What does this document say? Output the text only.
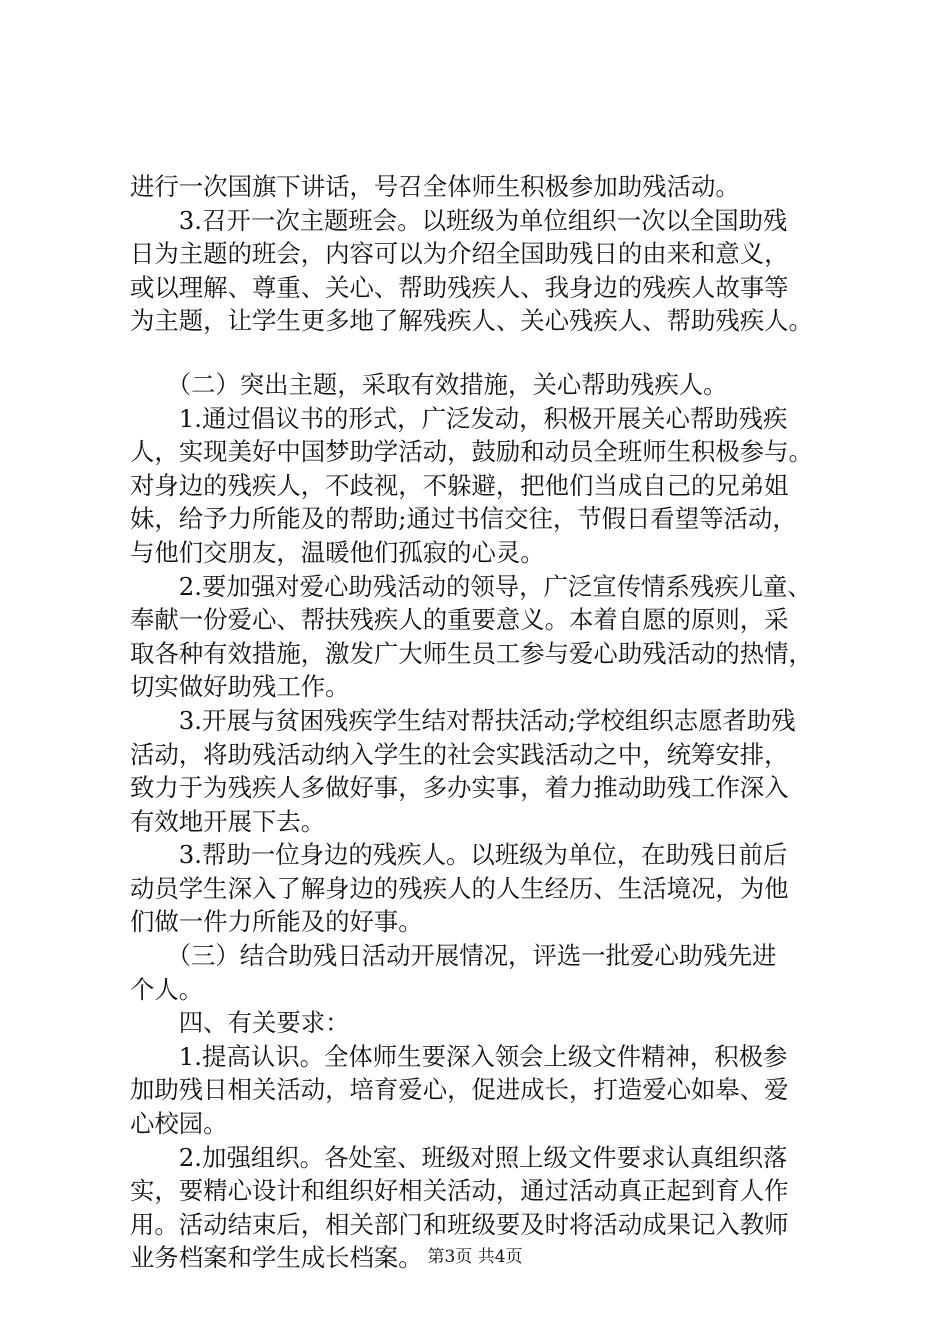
进行一次国旗下讲话，号召全体师生积极参加助残活动。

　　3.召开一次主题班会。以班级为单位组织一次以全国助残

日为主题的班会，内容可以为介绍全国助残日的由来和意义，

或以理解、尊重、关心、帮助残疾人、我身边的残疾人故事等

为主题，让学生更多地了解残疾人、关心残疾人、帮助残疾人。

　　（二）突出主题，采取有效措施，关心帮助残疾人。

　　1.通过倡议书的形式，广泛发动，积极开展关心帮助残疾

人，实现美好中国梦助学活动，鼓励和动员全班师生积极参与。

对身边的残疾人，不歧视，不躲避，把他们当成自己的兄弟姐

妹，给予力所能及的帮助;通过书信交往，节假日看望等活动，

与他们交朋友，温暖他们孤寂的心灵。

　　2.要加强对爱心助残活动的领导，广泛宣传情系残疾儿童、

奉献一份爱心、帮扶残疾人的重要意义。本着自愿的原则，采

取各种有效措施，激发广大师生员工参与爱心助残活动的热情，

切实做好助残工作。

　　3.开展与贫困残疾学生结对帮扶活动;学校组织志愿者助残

活动，将助残活动纳入学生的社会实践活动之中，统筹安排，

致力于为残疾人多做好事，多办实事，着力推动助残工作深入

有效地开展下去。

　　3.帮助一位身边的残疾人。以班级为单位，在助残日前后

动员学生深入了解身边的残疾人的人生经历、生活境况，为他

们做一件力所能及的好事。

　　（三）结合助残日活动开展情况，评选一批爱心助残先进

个人。

　　四、有关要求：

　　1.提高认识。全体师生要深入领会上级文件精神，积极参

加助残日相关活动，培育爱心，促进成长，打造爱心如皋、爱

心校园。

　　2.加强组织。各处室、班级对照上级文件要求认真组织落

实，要精心设计和组织好相关活动，通过活动真正起到育人作

用。活动结束后，相关部门和班级要及时将活动成果记入教师

业务档案和学生成长档案。 第3页 共4页
